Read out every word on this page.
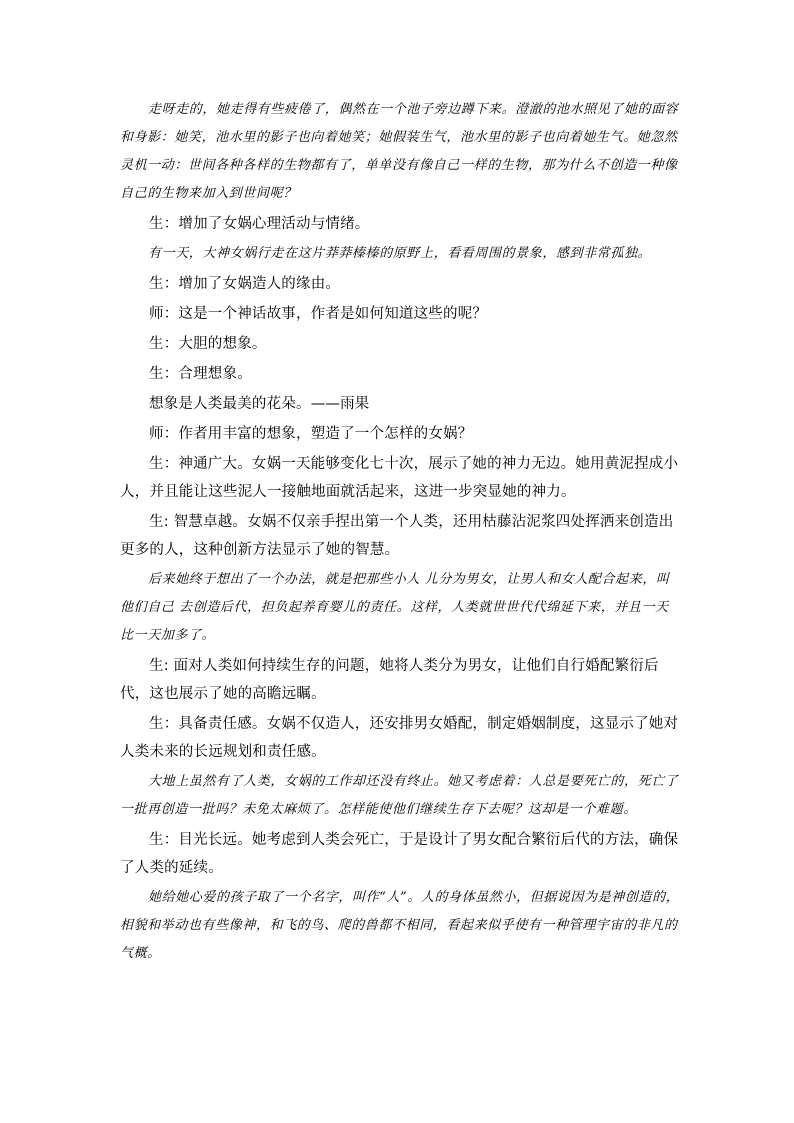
走呀走的，她走得有些疲倦了，偶然在一个池子旁边蹲下来。澄澈的池水照见了她的面容和身影：她笑，池水里的影子也向着她笑；她假装生气，池水里的影子也向着她生气。她忽然灵机一动：世间各种各样的生物都有了，单单没有像自己一样的生物，那为什么不创造一种像自己的生物来加入到世间呢？

生：增加了女娲心理活动与情绪。

有一天，大神女娲行走在这片莽莽榛榛的原野上，看看周围的景象，感到非常孤独。

生：增加了女娲造人的缘由。

师：这是一个神话故事，作者是如何知道这些的呢？

生：大胆的想象。

生：合理想象。

想象是人类最美的花朵。——雨果

师：作者用丰富的想象，塑造了一个怎样的女娲？

生：神通广大。女娲一天能够变化七十次，展示了她的神力无边。她用黄泥捏成小人，并且能让这些泥人一接触地面就活起来，这进一步突显她的神力。

生: 智慧卓越。女娲不仅亲手捏出第一个人类，还用枯藤沾泥浆四处挥洒来创造出更多的人，这种创新方法显示了她的智慧。

后来她终于想出了一个办法，就是把那些小人 儿分为男女，让男人和女人配合起来，叫他们自己 去创造后代，担负起养育婴儿的责任。这样，人类就世世代代绵延下来，并且一天比一天加多了。

生: 面对人类如何持续生存的问题，她将人类分为男女，让他们自行婚配繁衍后代，这也展示了她的高瞻远瞩。

生：具备责任感。女娲不仅造人，还安排男女婚配，制定婚姻制度，这显示了她对人类未来的长远规划和责任感。

大地上虽然有了人类，女娲的工作却还没有终止。她又考虑着：人总是要死亡的，死亡了一批再创造一批吗？未免太麻烦了。怎样能使他们继续生存下去呢？这却是一个难题。

生：目光长远。她考虑到人类会死亡，于是设计了男女配合繁衍后代的方法，确保了人类的延续。

她给她心爱的孩子取了一个名字，叫作“人”。人的身体虽然小，但据说因为是神创造的，相貌和举动也有些像神，和飞的鸟、爬的兽都不相同，看起来似乎使有一种管理宇宙的非凡的气概。
